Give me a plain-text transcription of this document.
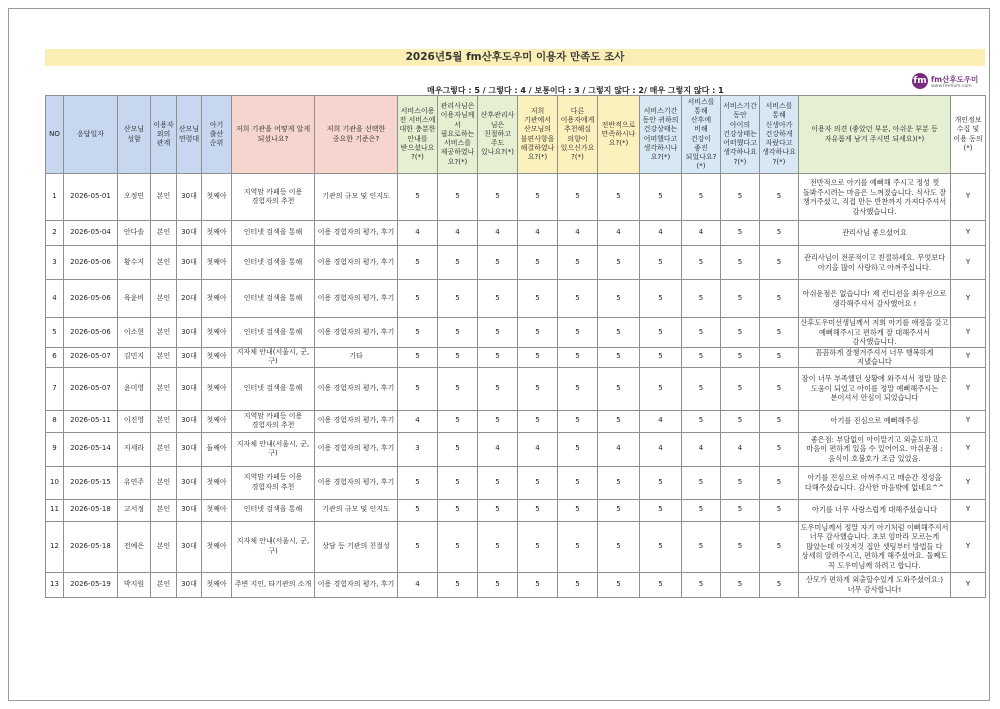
2026년5월 fm산후도우미 이용자 만족도 조사
매우그렇다 : 5 / 그렇다 : 4 / 보통이다 : 3 / 그렇지 않다 : 2/ 매우 그렇지 않다 : 1
fm fm산후도우미
www.fmmom.com
NO	응답일자	산모님 성함	이용자 외의 관계	산모님 연령대	아기 출산 순위	저희 기관을 어떻게 알게 되셨나요?	저희 기관을 선택한 중요한 기준은?	서비스이용 전 서비스에 대한 충분한 안내를 받으셨나요?(*)	관리사님은 이용자님께서 필요로하는 서비스를 제공하였나요?(*)	산후관리사님은 친절하고 주도 있나요?(*)	저희 기관에서 산모님의 불편사항을 해결하였나요?(*)	다른 이용자에게 추천해실 의향이 있으신가요?(*)	전반적으로 만족하시나요?(*)	서비스기간 동안 귀하의 건강상태는 어떠했다고 생각하시나요?(*)	서비스를 통해 산후에 비해 건강이 좋진 되었나요?(*)	서비스기간 동안 아이의 건강상태는 어떠했다고 생각하나요?(*)	서비스를 통해 신생아가 건강하게 자랐다고 생각하나요?(*)	이용자 의견 (좋았던 부분, 아쉬운 부분 등 자유롭게 남겨 주시면 되세요)(*)	개인정보 수집 및 이용 동의(*)
1	2026-05-01	오정민	본인	30대	첫째아	지역맘 카페등 이용 경험자의 추천	기관의 규모 및 인지도	5	5	5	5	5	5	5	5	5	5	전반적으로 아기를 예뻐해 주시고 정성 껏 돌봐주시려는 마음은 느껴졌습니다. 식사도 잘 챙겨주셨고, 직접 만든 반찬까지 가져다주셔서 감사했습니다.	Y
2	2026-05-04	안다솔	본인	30대	첫째아	인터넷 검색을 통해	이용 경험자의 평가, 후기	4	4	4	4	4	4	4	4	5	5	관리사님 좋으셨어요	Y
3	2026-05-06	황수지	본인	30대	첫째아	인터넷 검색을 통해	이용 경험자의 평가, 후기	5	5	5	5	5	5	5	5	5	5	관리사님이 전문적이고 친절하세요. 무엇보다 아기을 많이 사랑하고 아껴주십니다.	Y
4	2026-05-06	육윤비	본인	20대	첫째아	인터넷 검색을 통해	이용 경험자의 평가, 후기	5	5	5	5	5	5	5	5	5	5	아쉬운점은 없습니다! 제 컨디션을 최우선으로 생각해주셔서 감사했어요 !	Y
5	2026-05-06	이소현	본인	30대	첫째아	인터넷 검색을 통해	이용 경험자의 평가, 후기	5	5	5	5	5	5	5	5	5	5	산후도우미선생님께서 저희 아기를 애정을 갖고 예뻐해주시고 편하게 잘 대해주셔서 감사했습니다.	Y
6	2026-05-07	김민지	본인	30대	첫째아	지자체 안내(서울시, 군,구)	기타	5	5	5	5	5	5	5	5	5	5	꼼꼼하게 잘챙겨주셔서 너무 행복하게 지냈습니다	Y
7	2026-05-07	윤미영	본인	30대	첫째아	인터넷 검색을 통해	이용 경험자의 평가, 후기	5	5	5	5	5	5	5	5	5	5	잠이 너무 부족했던 상황에 와주셔서 정말 많은 도움이 되었고 아이를 정말 예뻐해주시는 분이셔서 안심이 되었습니다	Y
8	2026-05-11	이진영	본인	30대	첫째아	지역맘 카페등 이용 경험자의 추천	이용 경험자의 평가, 후기	4	5	5	5	5	5	4	5	5	5	아기를 진심으로 예뻐해주심	Y
9	2026-05-14	지세라	본인	30대	둘째아	지자체 안내(서울시, 군,구)	이용 경험자의 평가, 후기	3	5	4	4	5	4	4	4	4	5	좋은점: 부담없이 아이맡기고 외출도하고 마음이 편하게 있을 수 있어어요. 아쉬운점 : 음식이 호불호가 조금 있었음.	Y
10	2026-05-15	유연주	본인	30대	첫째아	지역맘 카페등 이용 경험자의 추천	이용 경험자의 평가, 후기	5	5	5	5	5	5	5	5	5	5	아기를 진심으로 아껴주시고 매순간 정성을 다해주셨습니다. 감사한 마음밖에 없네요^^	Y
11	2026-05-18	고서정	본인	30대	첫째아	인터넷 검색을 통해	기관의 규모 및 인지도	5	5	5	5	5	5	5	5	5	5	아기를 너무 사랑스럽게 대해주셨습니다	Y
12	2026-05-18	전예은	본인	30대	첫째아	지자체 안내(서울시, 군,구)	상담 등 기관의 친절성	5	5	5	5	5	5	5	5	5	5	도우미님께서 정말 자기 아기처럼 이뻐해주셔서 너무 감사했습니다. 초보 엄마라 모르는게 많았는데 이것저것 집안 셋팅부터 방법들 다 상세히 알려주시고, 편하게 해주셨어요. 둘째도 꼭 도우미님께 하려고 합니다.	Y
13	2026-05-19	박지원	본인	30대	첫째아	주변 지인, 타기관의 소개	이용 경험자의 평가, 후기	4	5	5	5	5	5	5	5	5	5	산모가 편하게 외출할수있게 도와주셨어요:) 너무 감사합니다!	Y
